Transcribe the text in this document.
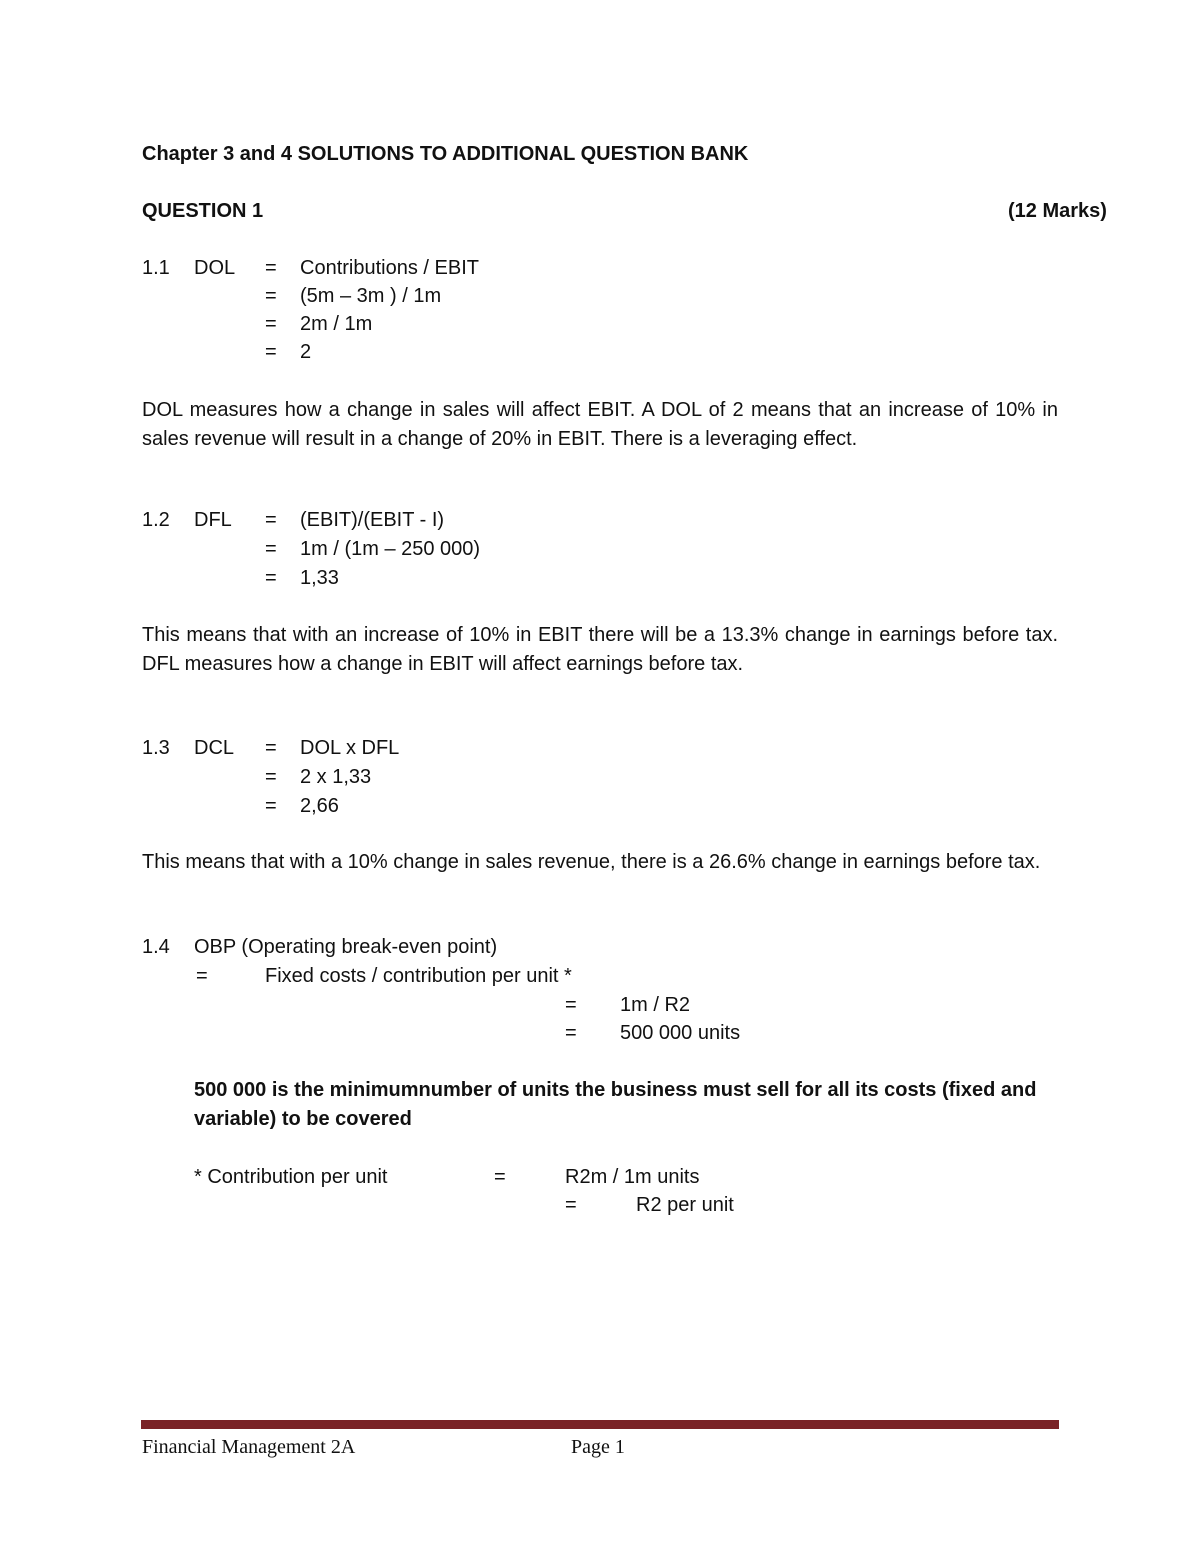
Chapter 3 and 4 SOLUTIONS TO ADDITIONAL QUESTION BANK
QUESTION 1	(12 Marks)
1.1 DOL = Contributions / EBIT
= (5m – 3m ) / 1m
= 2m / 1m
= 2
DOL measures how a change in sales will affect EBIT. A DOL of 2 means that an increase of 10% in sales revenue will result in a change of 20% in EBIT. There is a leveraging effect.
1.2 DFL = (EBIT)/(EBIT - I)
= 1m / (1m – 250 000)
= 1,33
This means that with an increase of 10% in EBIT there will be a 13.3% change in earnings before tax. DFL measures how a change in EBIT will affect earnings before tax.
1.3 DCL = DOL x DFL
= 2 x 1,33
= 2,66
This means that with a 10% change in sales revenue, there is a 26.6% change in earnings before tax.
1.4 OBP (Operating break-even point)
=	Fixed costs / contribution per unit *
= 1m / R2
= 500 000 units
500 000 is the minimumnumber of units the business must sell for all its costs (fixed and variable) to be covered
* Contribution per unit	=	R2m / 1m units
=	R2 per unit
Financial Management 2A	Page 1
